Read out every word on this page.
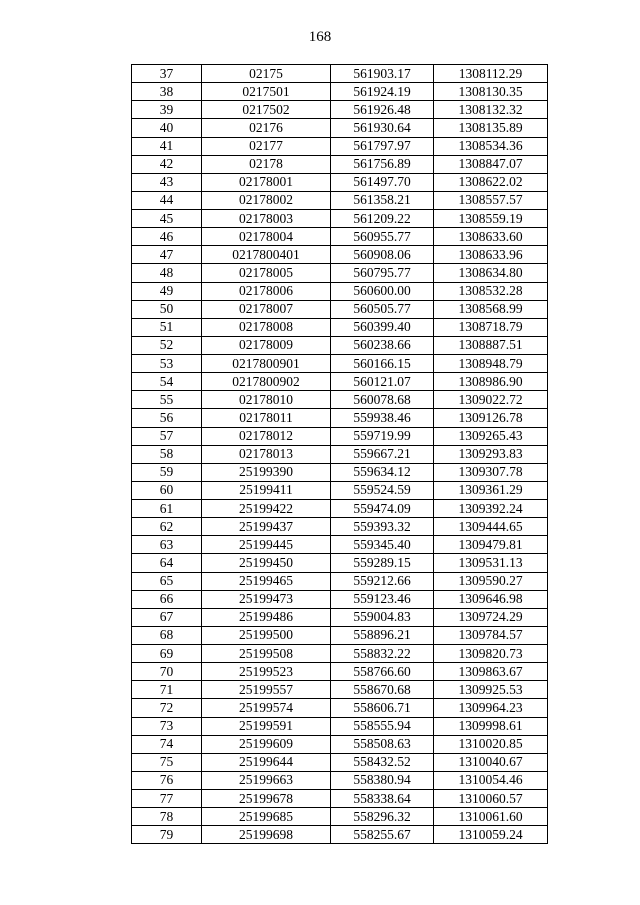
168
37	02175	561903.17	1308112.29
38	0217501	561924.19	1308130.35
39	0217502	561926.48	1308132.32
40	02176	561930.64	1308135.89
41	02177	561797.97	1308534.36
42	02178	561756.89	1308847.07
43	02178001	561497.70	1308622.02
44	02178002	561358.21	1308557.57
45	02178003	561209.22	1308559.19
46	02178004	560955.77	1308633.60
47	0217800401	560908.06	1308633.96
48	02178005	560795.77	1308634.80
49	02178006	560600.00	1308532.28
50	02178007	560505.77	1308568.99
51	02178008	560399.40	1308718.79
52	02178009	560238.66	1308887.51
53	0217800901	560166.15	1308948.79
54	0217800902	560121.07	1308986.90
55	02178010	560078.68	1309022.72
56	02178011	559938.46	1309126.78
57	02178012	559719.99	1309265.43
58	02178013	559667.21	1309293.83
59	25199390	559634.12	1309307.78
60	25199411	559524.59	1309361.29
61	25199422	559474.09	1309392.24
62	25199437	559393.32	1309444.65
63	25199445	559345.40	1309479.81
64	25199450	559289.15	1309531.13
65	25199465	559212.66	1309590.27
66	25199473	559123.46	1309646.98
67	25199486	559004.83	1309724.29
68	25199500	558896.21	1309784.57
69	25199508	558832.22	1309820.73
70	25199523	558766.60	1309863.67
71	25199557	558670.68	1309925.53
72	25199574	558606.71	1309964.23
73	25199591	558555.94	1309998.61
74	25199609	558508.63	1310020.85
75	25199644	558432.52	1310040.67
76	25199663	558380.94	1310054.46
77	25199678	558338.64	1310060.57
78	25199685	558296.32	1310061.60
79	25199698	558255.67	1310059.24
